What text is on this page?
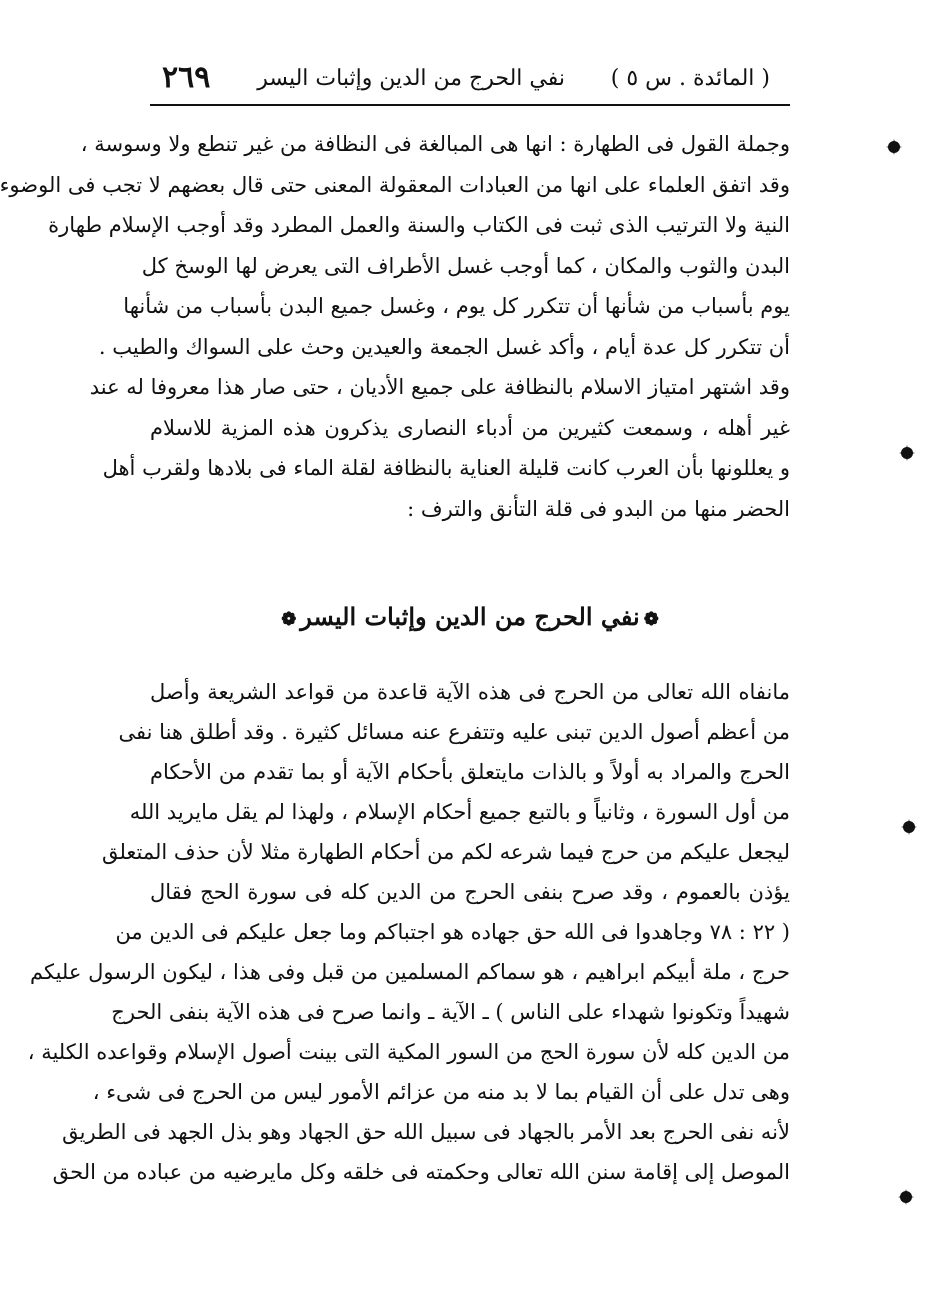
( المائدة . س ٥ )
نفي الحرج من الدين وإثبات اليسر
٢٦٩
وجملة القول فى الطهارة : انها هى المبالغة فى النظافة من غير تنطع ولا وسوسة ،
وقد اتفق العلماء على انها من العبادات المعقولة المعنى حتى قال بعضهم لا تجب فى الوضوء
النية ولا الترتيب الذى ثبت فى الكتاب والسنة والعمل المطرد وقد أوجب الإسلام طهارة
البدن والثوب والمكان ، كما أوجب غسل الأطراف التى يعرض لها الوسخ كل
يوم بأسباب من شأنها أن تتكرر كل يوم ، وغسل جميع البدن بأسباب من شأنها
أن تتكرر كل عدة أيام ، وأكد غسل الجمعة والعيدين وحث على السواك والطيب .
وقد اشتهر امتياز الاسلام بالنظافة على جميع الأديان ، حتى صار هذا معروفا له عند
غير أهله ، وسمعت كثيرين من أدباء النصارى يذكرون هذه المزية للاسلام
و يعللونها بأن العرب كانت قليلة العناية بالنظافة لقلة الماء فى بلادها ولقرب أهل
الحضر منها من البدو فى قلة التأنق والترف :
❁نفي الحرج من الدين وإثبات اليسر❁
مانفاه الله تعالى من الحرج فى هذه الآية قاعدة من قواعد الشريعة وأصل
من أعظم أصول الدين تبنى عليه وتتفرع عنه مسائل كثيرة . وقد أطلق هنا نفى
الحرج والمراد به أولاً و بالذات مايتعلق بأحكام الآية أو بما تقدم من الأحكام
من أول السورة ، وثانياً و بالتبع جميع أحكام الإسلام ، ولهذا لم يقل مايريد الله
ليجعل عليكم من حرج فيما شرعه لكم من أحكام الطهارة مثلا لأن حذف المتعلق
يؤذن بالعموم ، وقد صرح بنفى الحرج من الدين كله فى سورة الحج فقال
( ٢٢ : ٧٨ وجاهدوا فى الله حق جهاده هو اجتباكم وما جعل عليكم فى الدين من
حرج ، ملة أبيكم ابراهيم ، هو سماكم المسلمين من قبل وفى هذا ، ليكون الرسول عليكم
شهيداً وتكونوا شهداء على الناس ) ـ الآية ـ وانما صرح فى هذه الآية بنفى الحرج
من الدين كله لأن سورة الحج من السور المكية التى بينت أصول الإسلام وقواعده الكلية ،
وهى تدل على أن القيام بما لا بد منه من عزائم الأمور ليس من الحرج فى شىء ،
لأنه نفى الحرج بعد الأمر بالجهاد فى سبيل الله حق الجهاد وهو بذل الجهد فى الطريق
الموصل إلى إقامة سنن الله تعالى وحكمته فى خلقه وكل مايرضيه من عباده من الحق
